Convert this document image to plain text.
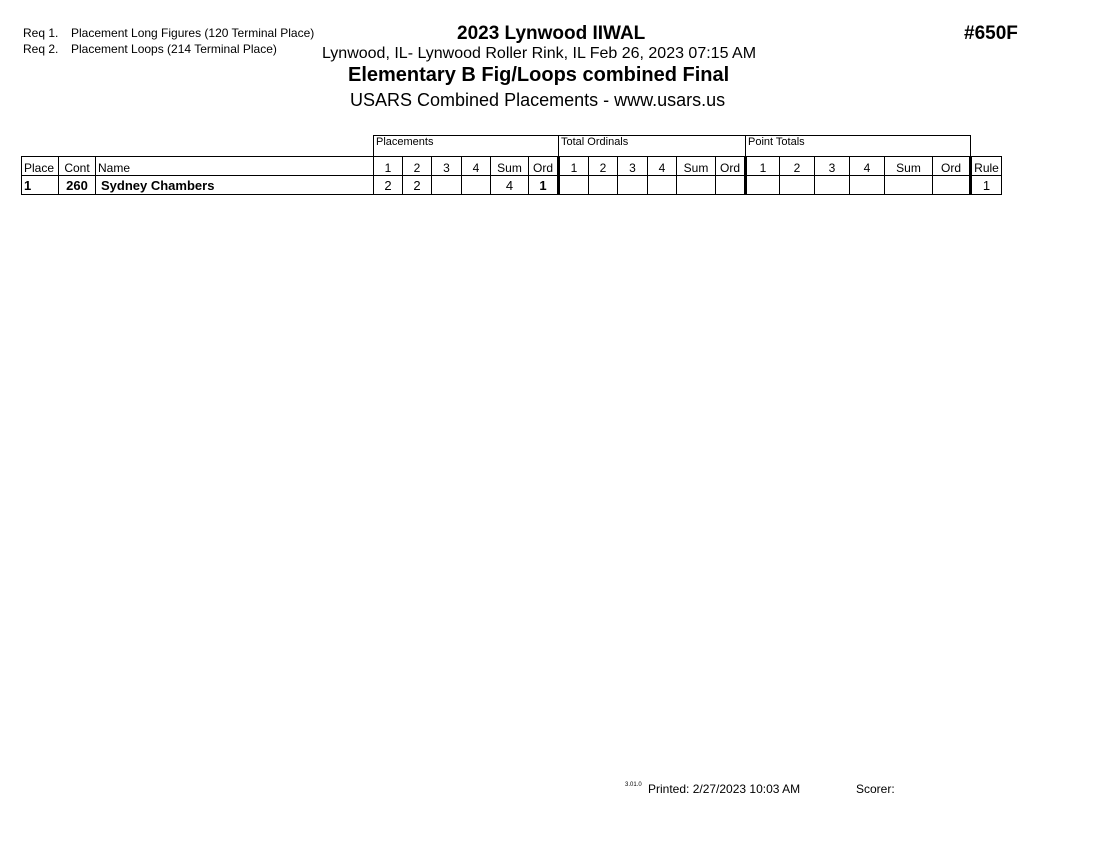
Req 1. Placement Long Figures (120 Terminal Place)
Req 2. Placement Loops (214 Terminal Place)
2023 Lynwood IIWAL
Lynwood, IL- Lynwood Roller Rink, IL Feb 26, 2023 07:15 AM
Elementary B Fig/Loops combined Final
USARS Combined Placements - www.usars.us
#650F
			Placements						Total Ordinals						Point Totals						
Place	Cont	Name	1	2	3	4	Sum	Ord	1	2	3	4	Sum	Ord	1	2	3	4	Sum	Ord	Rule
1	260	Sydney Chambers	2	2			4	1													1
3.01.0 Printed: 2/27/2023 10:03 AM	Scorer:
